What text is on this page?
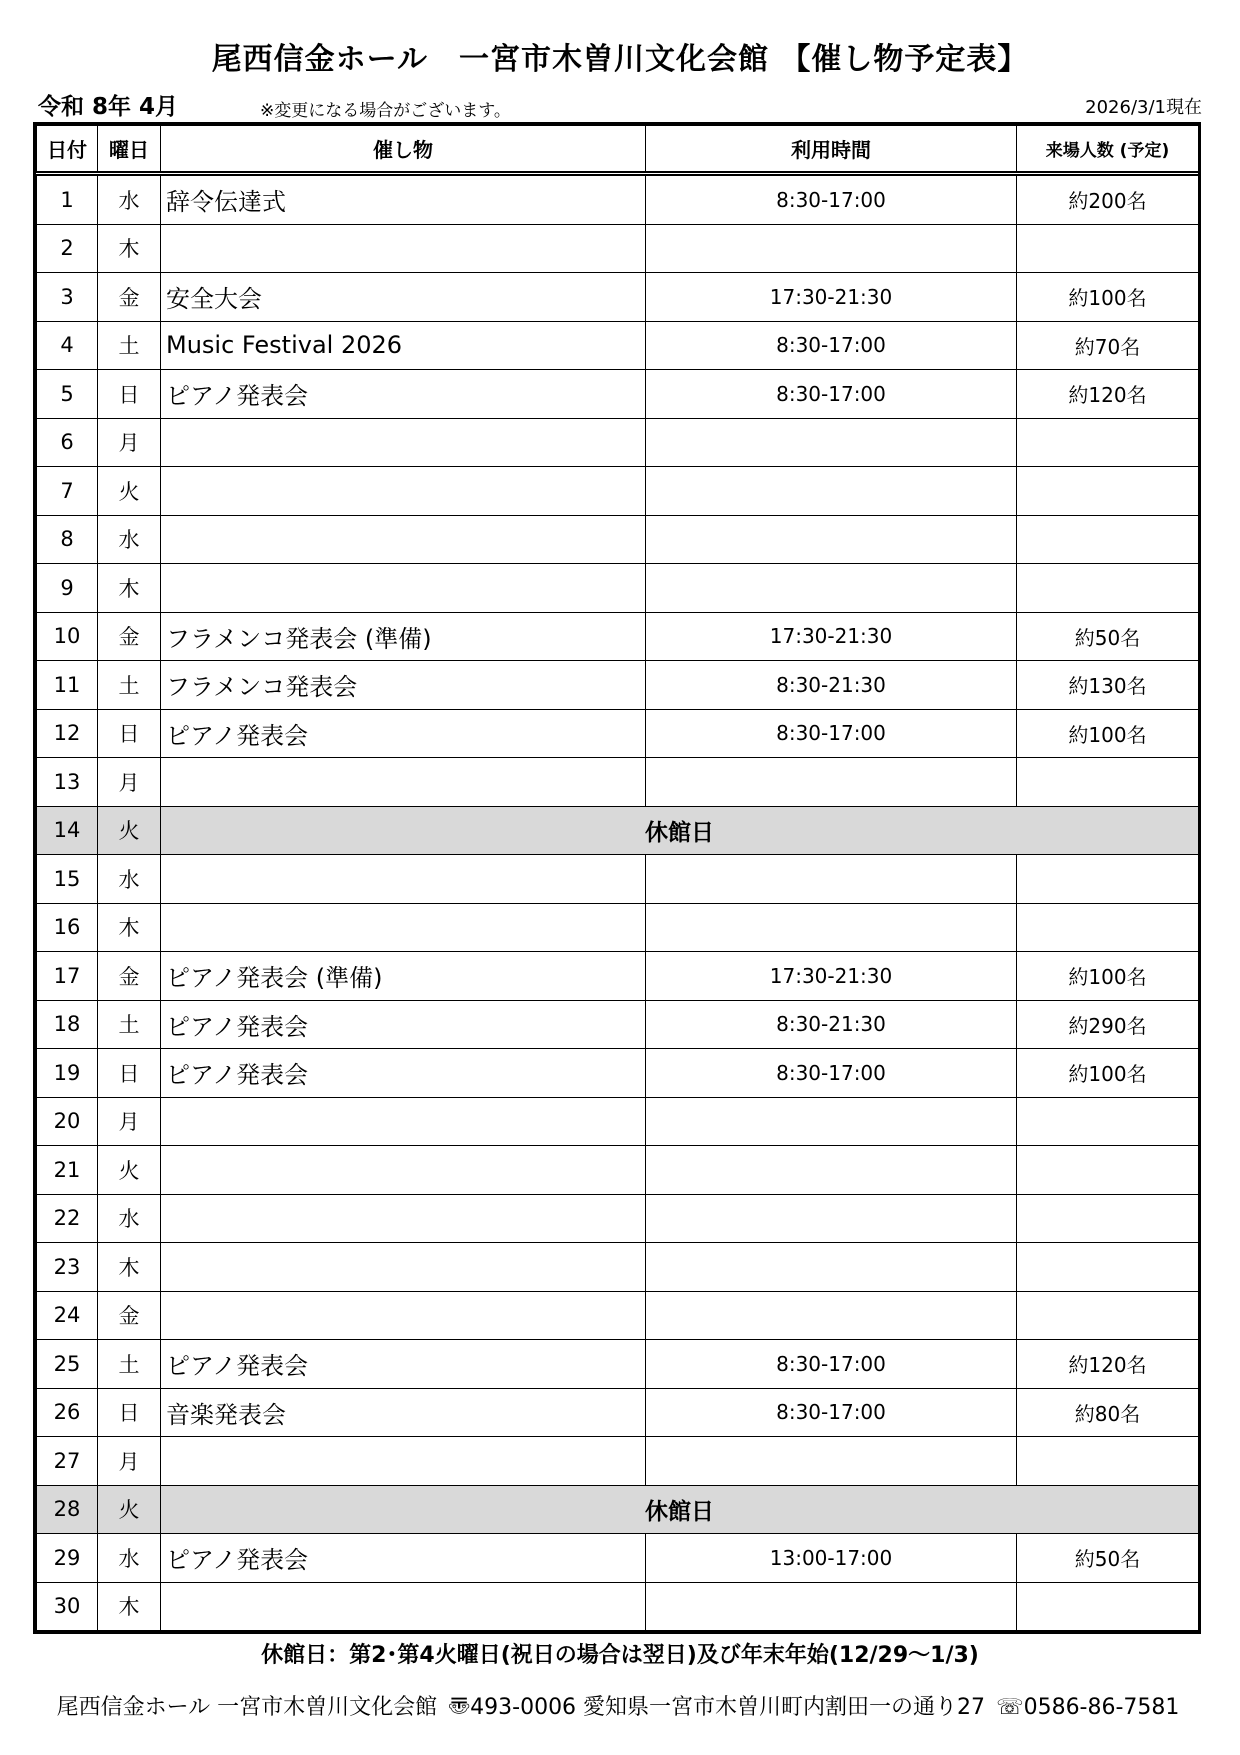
尾西信金ホール　一宮市木曽川文化会館 【催し物予定表】
令和 8年 4月	※変更になる場合がございます。	2026/3/1現在
日付	曜日	催し物	利用時間	来場人数 (予定)
1	水	辞令伝達式	8:30-17:00	約200名
2	木			
3	金	安全大会	17:30-21:30	約100名
4	土	Music Festival 2026	8:30-17:00	約70名
5	日	ピアノ発表会	8:30-17:00	約120名
6	月			
7	火			
8	水			
9	木			
10	金	フラメンコ発表会 (準備)	17:30-21:30	約50名
11	土	フラメンコ発表会	8:30-21:30	約130名
12	日	ピアノ発表会	8:30-17:00	約100名
13	月			
14	火	休館日		
15	水			
16	木			
17	金	ピアノ発表会 (準備)	17:30-21:30	約100名
18	土	ピアノ発表会	8:30-21:30	約290名
19	日	ピアノ発表会	8:30-17:00	約100名
20	月			
21	火			
22	水			
23	木			
24	金			
25	土	ピアノ発表会	8:30-17:00	約120名
26	日	音楽発表会	8:30-17:00	約80名
27	月			
28	火	休館日		
29	水	ピアノ発表会	13:00-17:00	約50名
30	木			
休館日：第2･第4火曜日(祝日の場合は翌日)及び年末年始(12/29～1/3)
尾西信金ホール 一宮市木曽川文化会館 〠493-0006 愛知県一宮市木曽川町内割田一の通り27 ☏0586-86-7581
